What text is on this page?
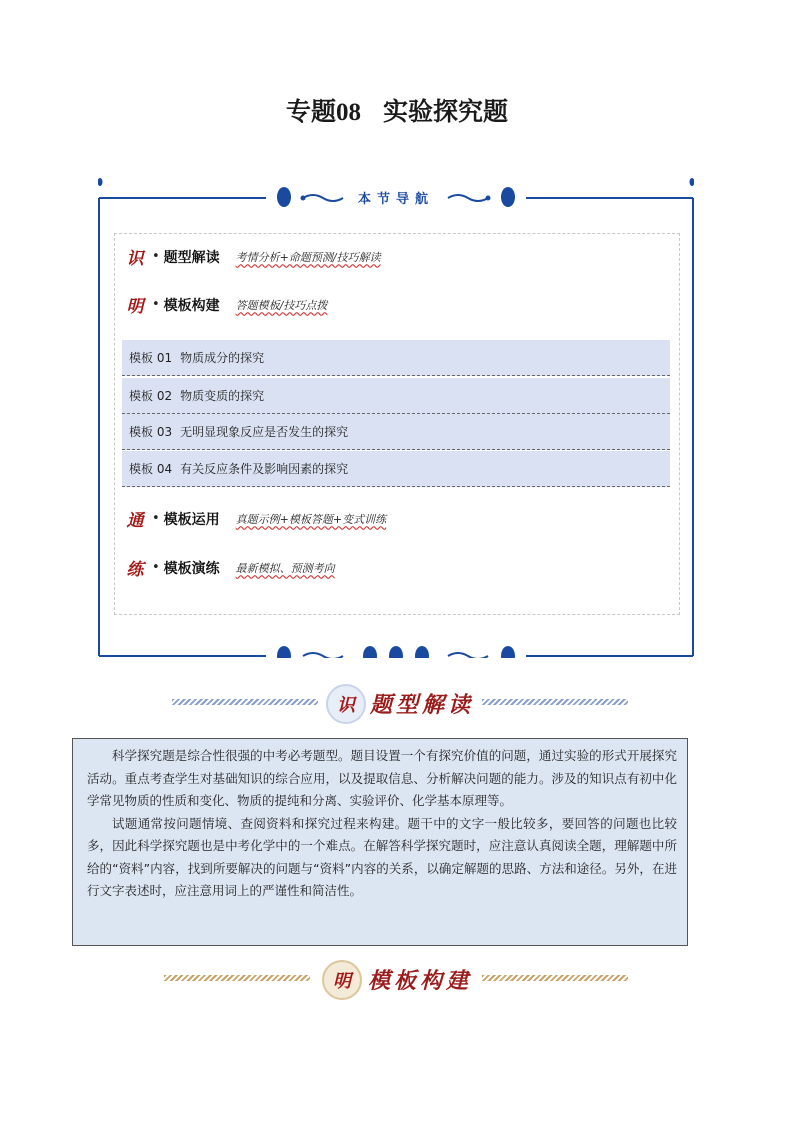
专题08 实验探究题
本节导航
识 • 题型解读 考情分析+命题预测/技巧解读
明 • 模板构建 答题模板/技巧点拨
模板 01 物质成分的探究
模板 02 物质变质的探究
模板 03 无明显现象反应是否发生的探究
模板 04 有关反应条件及影响因素的探究
通 • 模板运用 真题示例+模板答题+变式训练
练 • 模板演练 最新模拟、预测考向
识 题型解读

科学探究题是综合性很强的中考必考题型。题目设置一个有探究价值的问题，通过实验的形式开展探究活动。重点考查学生对基础知识的综合应用，以及提取信息、分析解决问题的能力。涉及的知识点有初中化学常见物质的性质和变化、物质的提纯和分离、实验评价、化学基本原理等。

试题通常按问题情境、查阅资料和探究过程来构建。题干中的文字一般比较多，要回答的问题也比较多，因此科学探究题也是中考化学中的一个难点。在解答科学探究题时，应注意认真阅读全题，理解题中所给的“资料”内容，找到所要解决的问题与“资料”内容的关系，以确定解题的思路、方法和途径。另外，在进行文字表述时，应注意用词上的严谨性和简洁性。

明 模板构建
